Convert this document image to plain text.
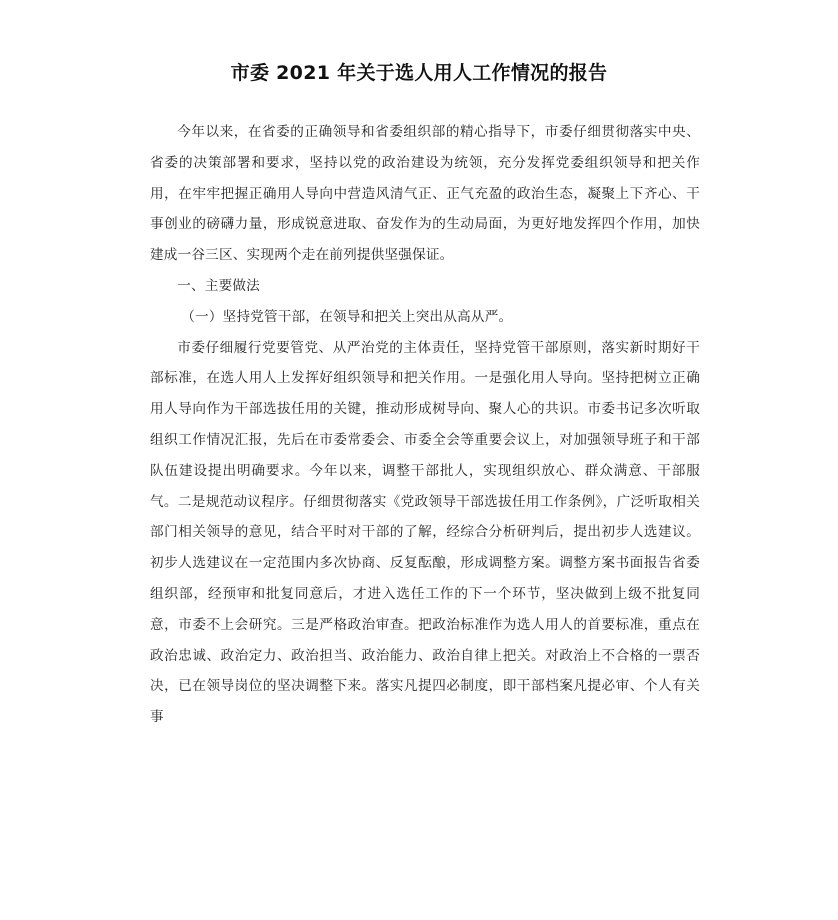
市委 2021 年关于选人用人工作情况的报告

今年以来，在省委的正确领导和省委组织部的精心指导下，市委仔细贯彻落实中央、省委的决策部署和要求，坚持以党的政治建设为统领，充分发挥党委组织领导和把关作用，在牢牢把握正确用人导向中营造风清气正、正气充盈的政治生态，凝聚上下齐心、干事创业的磅礴力量，形成锐意进取、奋发作为的生动局面，为更好地发挥四个作用，加快建成一谷三区、实现两个走在前列提供坚强保证。

一、主要做法

（一）坚持党管干部，在领导和把关上突出从高从严。

市委仔细履行党要管党、从严治党的主体责任，坚持党管干部原则，落实新时期好干部标准，在选人用人上发挥好组织领导和把关作用。一是强化用人导向。坚持把树立正确用人导向作为干部选拔任用的关键，推动形成树导向、聚人心的共识。市委书记多次听取组织工作情况汇报，先后在市委常委会、市委全会等重要会议上，对加强领导班子和干部队伍建设提出明确要求。今年以来，调整干部批人，实现组织放心、群众满意、干部服气。二是规范动议程序。仔细贯彻落实《党政领导干部选拔任用工作条例》，广泛听取相关部门相关领导的意见，结合平时对干部的了解，经综合分析研判后，提出初步人选建议。初步人选建议在一定范围内多次协商、反复酝酿，形成调整方案。调整方案书面报告省委组织部，经预审和批复同意后，才进入选任工作的下一个环节，坚决做到上级不批复同意，市委不上会研究。三是严格政治审查。把政治标准作为选人用人的首要标准，重点在政治忠诚、政治定力、政治担当、政治能力、政治自律上把关。对政治上不合格的一票否决，已在领导岗位的坚决调整下来。落实凡提四必制度，即干部档案凡提必审、个人有关事
